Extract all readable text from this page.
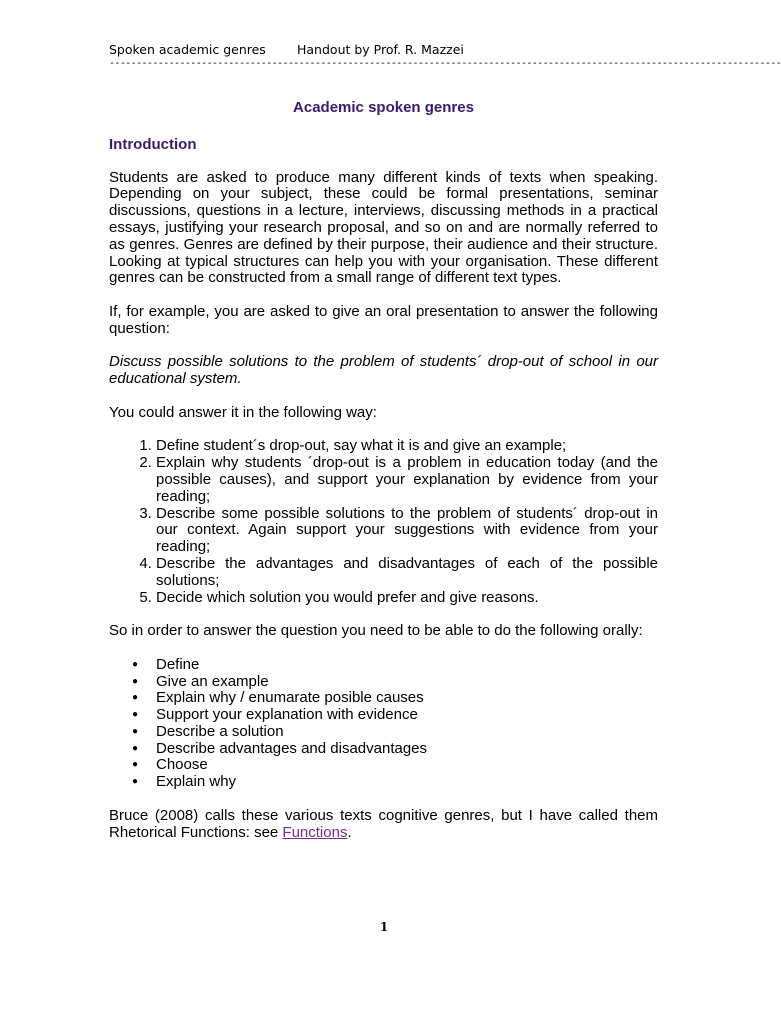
Spoken academic genres Handout by Prof. R. Mazzei
----------------------------------------------------------------------------------------------------------------------------
Academic spoken genres
Introduction

Students are asked to produce many different kinds of texts when speaking. Depending on your subject, these could be formal presentations, seminar discussions, questions in a lecture, interviews, discussing methods in a practical essays, justifying your research proposal, and so on and are normally referred to as genres. Genres are defined by their purpose, their audience and their structure. Looking at typical structures can help you with your organisation. These different genres can be constructed from a small range of different text types.

If, for example, you are asked to give an oral presentation to answer the following question:

Discuss possible solutions to the problem of students´ drop-out of school in our educational system.

You could answer it in the following way:

1. Define student´s drop-out, say what it is and give an example;
2. Explain why students ´drop-out is a problem in education today (and the possible causes), and support your explanation by evidence from your reading;
3. Describe some possible solutions to the problem of students´ drop-out in our context. Again support your suggestions with evidence from your reading;
4. Describe the advantages and disadvantages of each of the possible solutions;
5. Decide which solution you would prefer and give reasons.

So in order to answer the question you need to be able to do the following orally:

● Define
● Give an example
● Explain why / enumarate posible causes
● Support your explanation with evidence
● Describe a solution
● Describe advantages and disadvantages
● Choose
● Explain why

Bruce (2008) calls these various texts cognitive genres, but I have called them Rhetorical Functions: see Functions.

1
